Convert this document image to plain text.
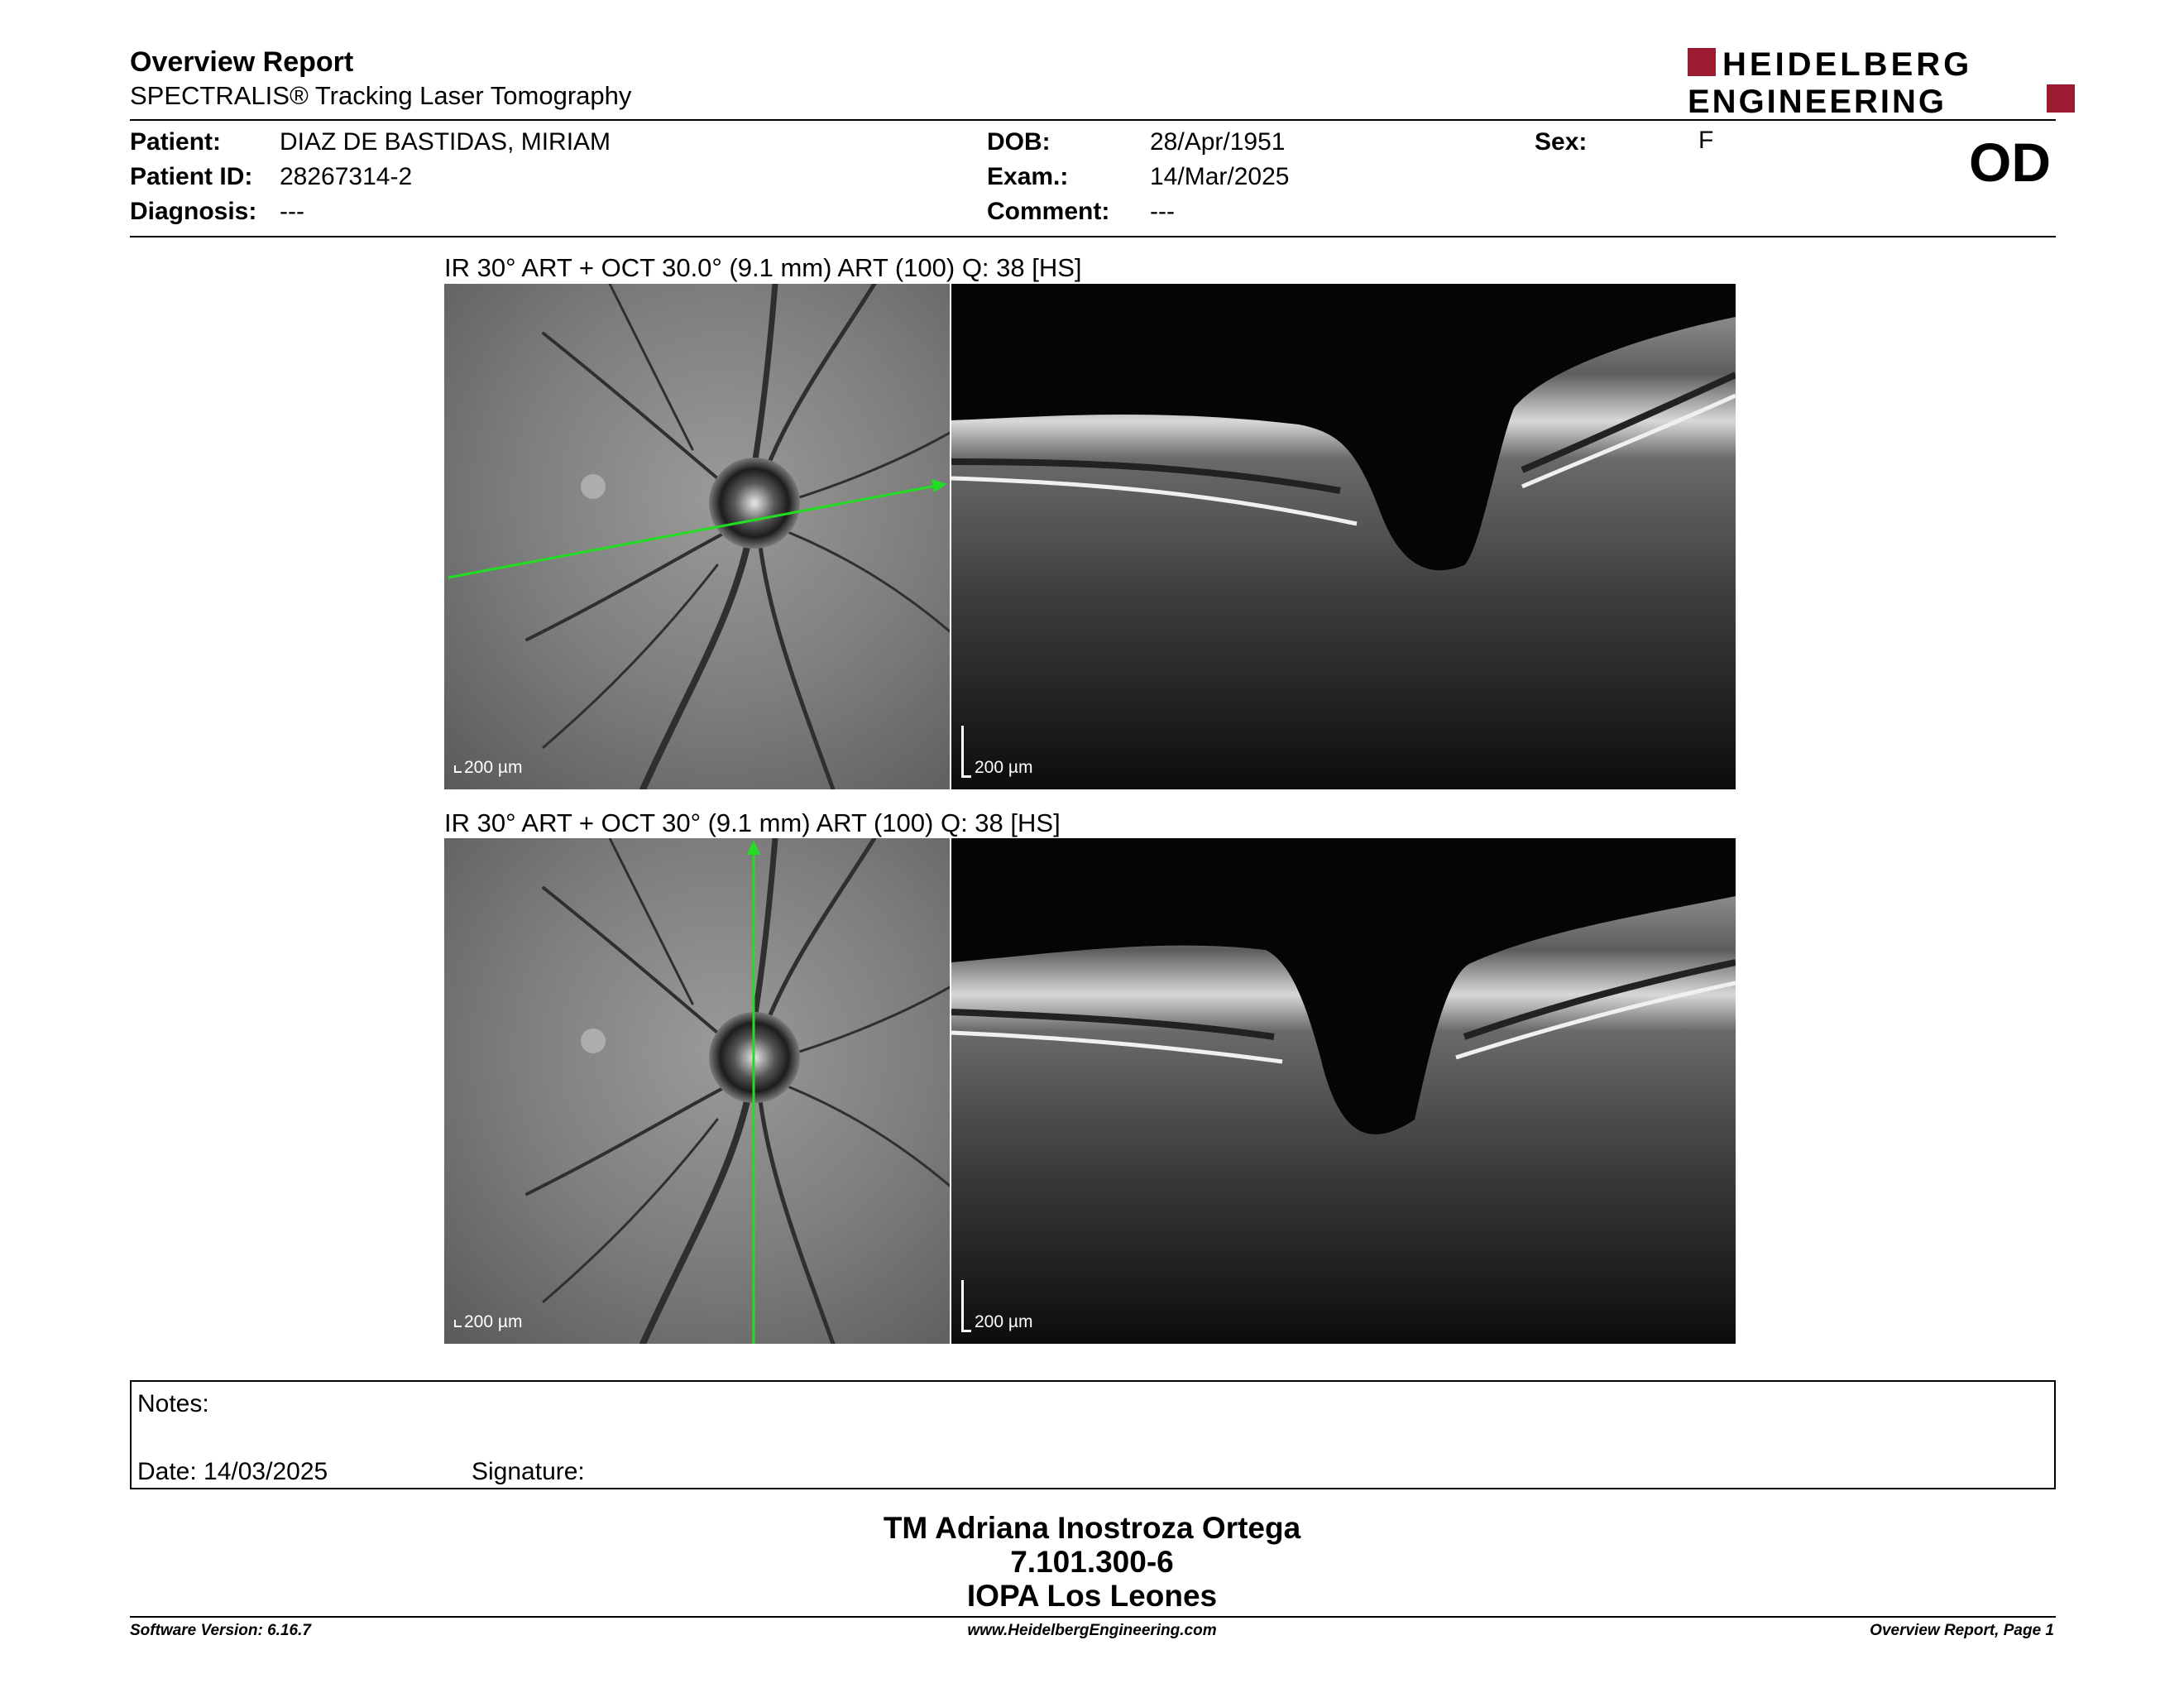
Overview Report
SPECTRALIS® Tracking Laser Tomography
HEIDELBERG
ENGINEERING
Patient: DIAZ DE BASTIDAS, MIRIAM
Patient ID: 28267314-2
Diagnosis: ---
DOB:	28/Apr/1951
Exam.:	14/Mar/2025
Comment: ---
Sex:	F	OD
IR 30° ART + OCT 30.0° (9.1 mm) ART (100) Q: 38 [HS]
200 µm	200 µm
IR 30° ART + OCT 30° (9.1 mm) ART (100) Q: 38 [HS]
200 µm	200 µm
Notes:
Date: 14/03/2025	Signature:
TM Adriana Inostroza Ortega
7.101.300-6
IOPA Los Leones
Software Version: 6.16.7	www.HeidelbergEngineering.com	Overview Report, Page 1
